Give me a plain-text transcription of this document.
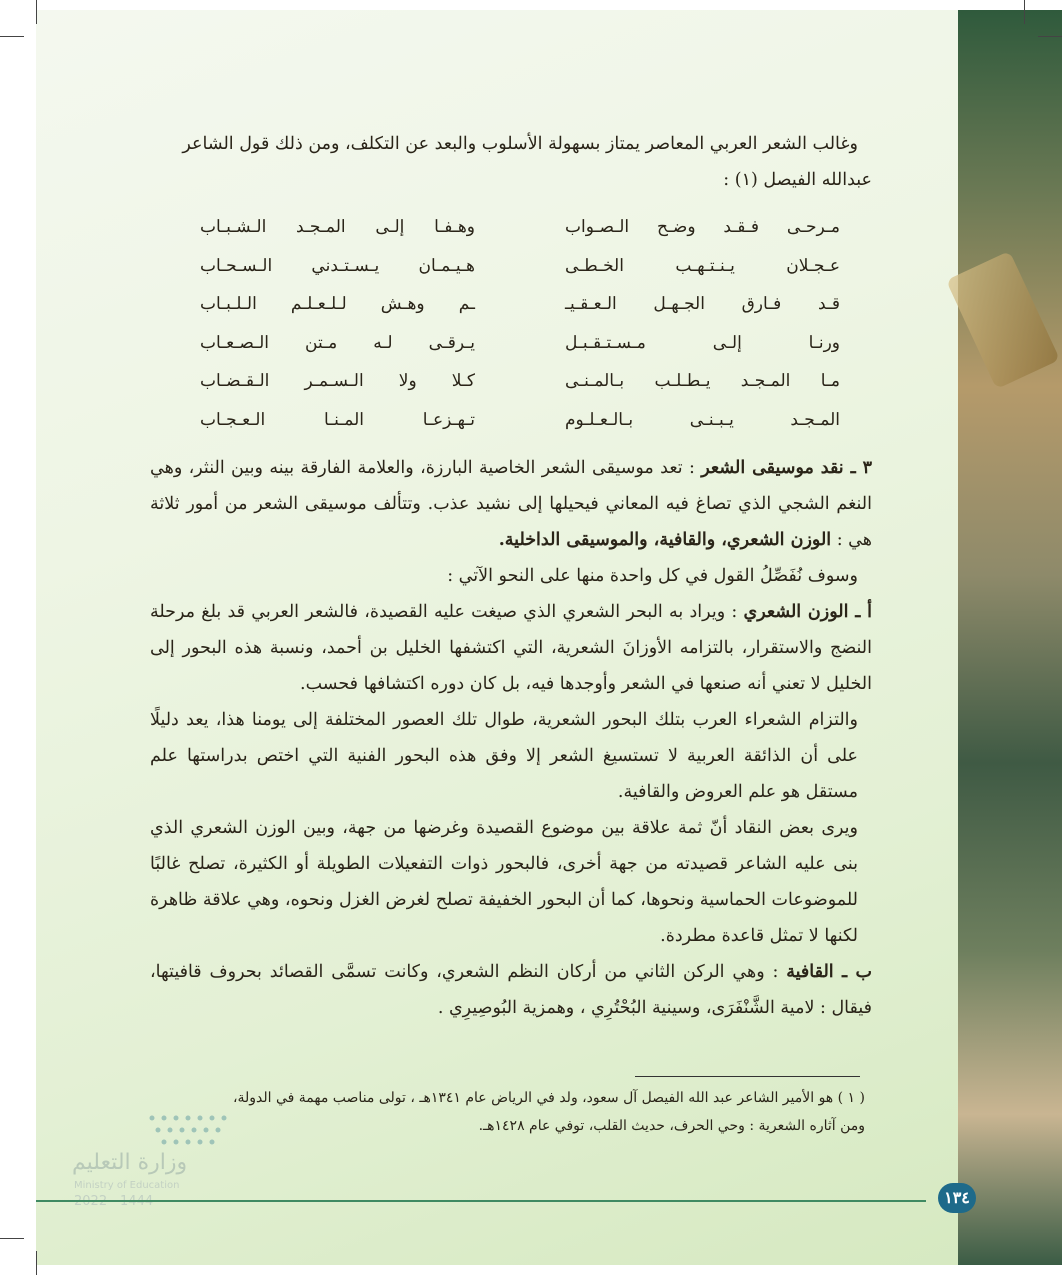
وغالب الشعر العربي المعاصر يمتاز بسهولة الأسلوب والبعد عن التكلف، ومن ذلك قول الشاعر

عبدالله الفيصل (١) :

مـرحـى فـقـد وضـح الـصـواب
وهـفـا إلـى المـجـد الـشـبـاب
عـجـلان يـنـتـهـب الخـطـى
هـيـمـان يـسـتـدني الـسـحـاب
قـد فـارق الجـهـل الـعـقـيـ
ـم وهـش لـلـعـلـم الـلـبـاب
ورنـا إلـى مـسـتـقـبـل
يـرقـى لـه مـتن الـصـعـاب
مـا المـجـد يـطـلـب بـالمـنـى
كـلا ولا الـسـمـر الـقـضـاب
المـجـد يـبـنـى بـالـعـلـوم
تـهـزعـا المـنـا الـعـجـاب

٣ ـ نقد موسيقى الشعر : تعد موسيقى الشعر الخاصية البارزة، والعلامة الفارقة بينه وبين النثر، وهي النغم الشجي الذي تصاغ فيه المعاني فيحيلها إلى نشيد عذب. وتتألف موسيقى الشعر من أمور ثلاثة هي : الوزن الشعري، والقافية، والموسيقى الداخلية.

وسوف نُفَصِّلُ القول في كل واحدة منها على النحو الآتي :

أ ـ الوزن الشعري : ويراد به البحر الشعري الذي صيغت عليه القصيدة، فالشعر العربي قد بلغ مرحلة النضج والاستقرار، بالتزامه الأوزانَ الشعرية، التي اكتشفها الخليل بن أحمد، ونسبة هذه البحور إلى الخليل لا تعني أنه صنعها في الشعر وأوجدها فيه، بل كان دوره اكتشافها فحسب.

والتزام الشعراء العرب بتلك البحور الشعرية، طوال تلك العصور المختلفة إلى يومنا هذا، يعد دليلًا على أن الذائقة العربية لا تستسيغ الشعر إلا وفق هذه البحور الفنية التي اختص بدراستها علم مستقل هو علم العروض والقافية.

ويرى بعض النقاد أنّ ثمة علاقة بين موضوع القصيدة وغرضها من جهة، وبين الوزن الشعري الذي بنى عليه الشاعر قصيدته من جهة أخرى، فالبحور ذوات التفعيلات الطويلة أو الكثيرة، تصلح غالبًا للموضوعات الحماسية ونحوها، كما أن البحور الخفيفة تصلح لغرض الغزل ونحوه، وهي علاقة ظاهرة لكنها لا تمثل قاعدة مطردة.

ب ـ القافية : وهي الركن الثاني من أركان النظم الشعري، وكانت تسمَّى القصائد بحروف قافيتها، فيقال : لامية الشَّنْفَرَى، وسينية البُحْتُرِي ، وهمزية البُوصِيرِي .

( ١ ) هو الأمير الشاعر عبد الله الفيصل آل سعود، ولد في الرياض عام ١٣٤١هـ ، تولى مناصب مهمة في الدولة،
ومن آثاره الشعرية : وحي الحرف، حديث القلب، توفي عام ١٤٢٨هـ.
وزارة التعليم
Ministry of Education
١٣٤
